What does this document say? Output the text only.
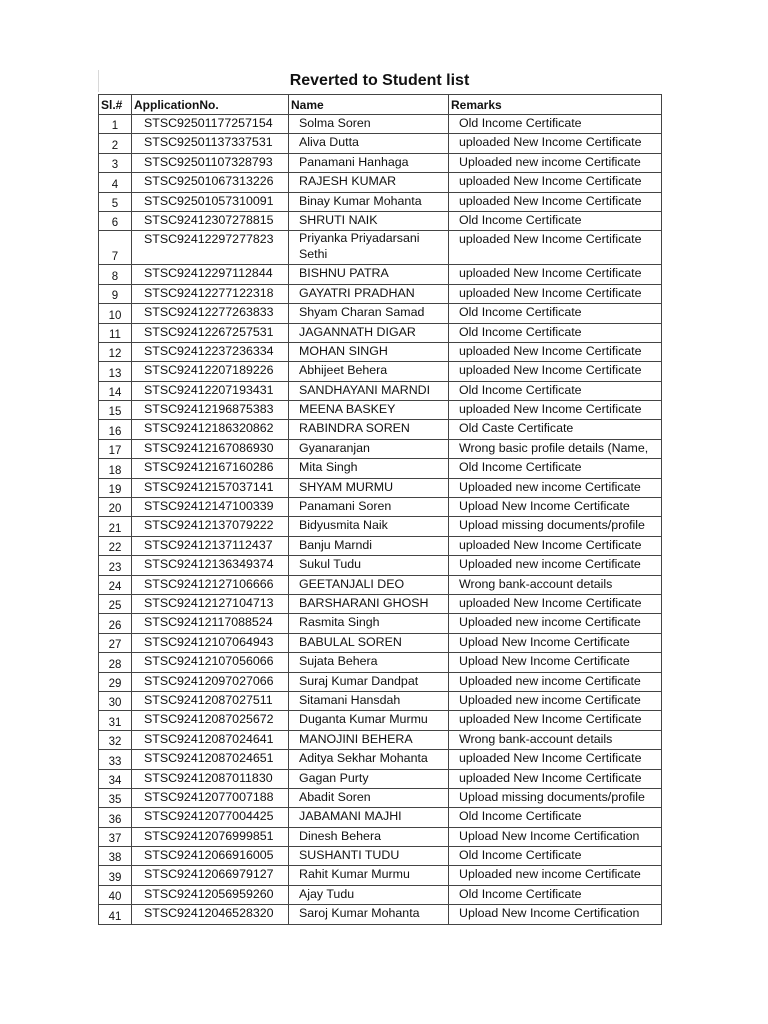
Reverted to Student list
Sl.#	ApplicationNo.	Name	Remarks
1	STSC92501177257154	Solma Soren	Old Income Certificate
2	STSC92501137337531	Aliva Dutta	uploaded New Income Certificate
3	STSC92501107328793	Panamani Hanhaga	Uploaded new income Certificate
4	STSC92501067313226	RAJESH KUMAR	uploaded New Income Certificate
5	STSC92501057310091	Binay Kumar Mohanta	uploaded New Income Certificate
6	STSC92412307278815	SHRUTI NAIK	Old Income Certificate
7	STSC92412297277823	Priyanka Priyadarsani Sethi	uploaded New Income Certificate
8	STSC92412297112844	BISHNU PATRA	uploaded New Income Certificate
9	STSC92412277122318	GAYATRI PRADHAN	uploaded New Income Certificate
10	STSC92412277263833	Shyam Charan Samad	Old Income Certificate
11	STSC92412267257531	JAGANNATH DIGAR	Old Income Certificate
12	STSC92412237236334	MOHAN SINGH	uploaded New Income Certificate
13	STSC92412207189226	Abhijeet Behera	uploaded New Income Certificate
14	STSC92412207193431	SANDHAYANI MARNDI	Old Income Certificate
15	STSC92412196875383	MEENA BASKEY	uploaded New Income Certificate
16	STSC92412186320862	RABINDRA SOREN	Old Caste Certificate
17	STSC92412167086930	Gyanaranjan	Wrong basic profile details (Name,
18	STSC92412167160286	Mita Singh	Old Income Certificate
19	STSC92412157037141	SHYAM MURMU	Uploaded new income Certificate
20	STSC92412147100339	Panamani Soren	Upload New Income Certificate
21	STSC92412137079222	Bidyusmita Naik	Upload missing documents/profile
22	STSC92412137112437	Banju Marndi	uploaded New Income Certificate
23	STSC92412136349374	Sukul Tudu	Uploaded new income Certificate
24	STSC92412127106666	GEETANJALI DEO	Wrong bank-account details
25	STSC92412127104713	BARSHARANI GHOSH	uploaded New Income Certificate
26	STSC92412117088524	Rasmita Singh	Uploaded new income Certificate
27	STSC92412107064943	BABULAL SOREN	Upload New Income Certificate
28	STSC92412107056066	Sujata Behera	Upload New Income Certificate
29	STSC92412097027066	Suraj Kumar Dandpat	Uploaded new income Certificate
30	STSC92412087027511	Sitamani Hansdah	Uploaded new income Certificate
31	STSC92412087025672	Duganta Kumar Murmu	uploaded New Income Certificate
32	STSC92412087024641	MANOJINI BEHERA	Wrong bank-account details
33	STSC92412087024651	Aditya Sekhar Mohanta	uploaded New Income Certificate
34	STSC92412087011830	Gagan Purty	uploaded New Income Certificate
35	STSC92412077007188	Abadit Soren	Upload missing documents/profile
36	STSC92412077004425	JABAMANI MAJHI	Old Income Certificate
37	STSC92412076999851	Dinesh Behera	Upload New Income Certification
38	STSC92412066916005	SUSHANTI TUDU	Old Income Certificate
39	STSC92412066979127	Rahit Kumar Murmu	Uploaded new income Certificate
40	STSC92412056959260	Ajay Tudu	Old Income Certificate
41	STSC92412046528320	Saroj Kumar Mohanta	Upload New Income Certification
